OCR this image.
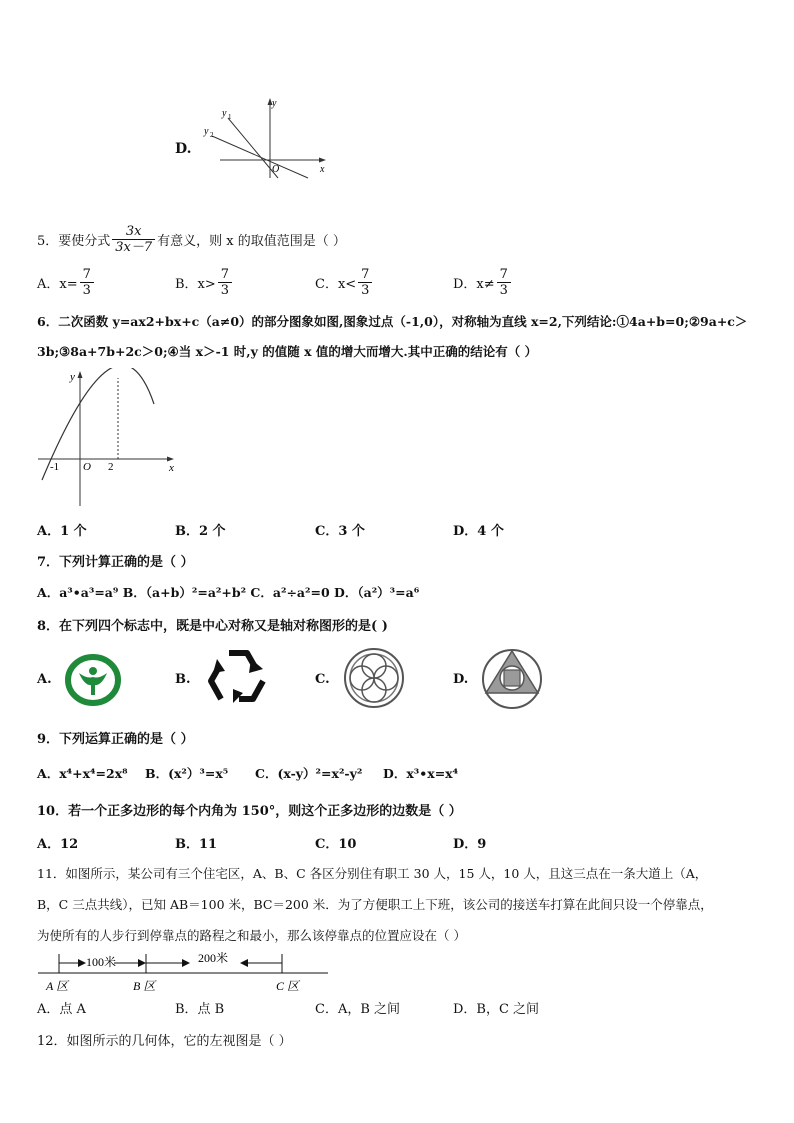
D.
y
x
O
y 1
y 2
5．要使分式 $\frac{3x}{3x-7}$ 有意义，则 x 的取值范围是（ ）
A．$x= \frac{7}{3}$	B．$x> \frac{7}{3}$	C．$x< \frac{7}{3}$	D．$x\ne \frac{7}{3}$
6．二次函数 y=ax2+bx+c（a≠0）的部分图象如图,图象过点（-1,0），对称轴为直线 x=2,下列结论:①4a+b=0;②9a+c＞
3b;③8a+7b+2c＞0;④当 x＞-1 时,y 的值随 x 值的增大而增大.其中正确的结论有（ ）
y
x
O
-1	2
A．1 个	B．2 个	C．3 个	D．4 个
7．下列计算正确的是（ ）
A．a³•a³=a⁹ B．（a+b）²=a²+b² C．a²÷a²=0 D．（a²）³=a⁶
8．在下列四个标志中，既是中心对称又是轴对称图形的是( )
A.	B.	C.	D.
9．下列运算正确的是（ ）
A．x⁴+x⁴=2x⁸ B．(x²）³=x⁵ C．(x-y）²=x²-y² D．x³•x=x⁴
10．若一个正多边形的每个内角为 150°，则这个正多边形的边数是（ ）
A．12	B．11	C．10	D．9
11．如图所示，某公司有三个住宅区，A、B、C 各区分别住有职工 30 人，15 人，10 人，且这三点在一条大道上（A，
B，C 三点共线），已知 AB＝100 米，BC＝200 米．为了方便职工上下班，该公司的接送车打算在此间只设一个停靠点，
为使所有的人步行到停靠点的路程之和最小，那么该停靠点的位置应设在（ ）
100米	200米
A 区	B 区	C 区
A．点 A	B．点 B	C．A，B 之间	D．B，C 之间
12．如图所示的几何体，它的左视图是（ ）
